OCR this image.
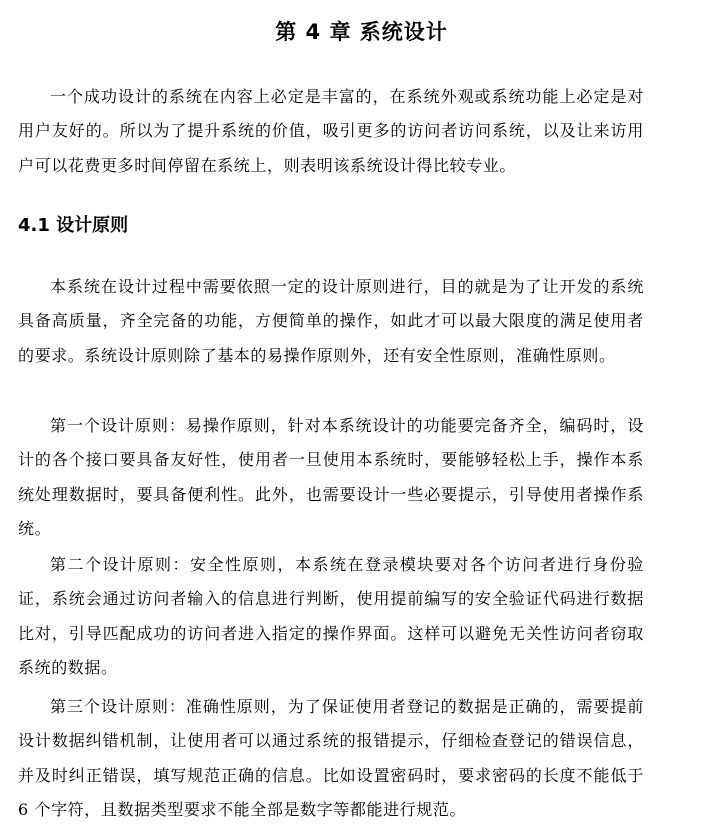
第 4 章 系统设计

一个成功设计的系统在内容上必定是丰富的，在系统外观或系统功能上必定是对用户友好的。所以为了提升系统的价值，吸引更多的访问者访问系统，以及让来访用户可以花费更多时间停留在系统上，则表明该系统设计得比较专业。

4.1 设计原则

本系统在设计过程中需要依照一定的设计原则进行，目的就是为了让开发的系统具备高质量，齐全完备的功能，方便简单的操作，如此才可以最大限度的满足使用者的要求。系统设计原则除了基本的易操作原则外，还有安全性原则，准确性原则。

第一个设计原则：易操作原则，针对本系统设计的功能要完备齐全，编码时，设计的各个接口要具备友好性，使用者一旦使用本系统时，要能够轻松上手，操作本系统处理数据时，要具备便利性。此外，也需要设计一些必要提示，引导使用者操作系统。

第二个设计原则：安全性原则，本系统在登录模块要对各个访问者进行身份验证，系统会通过访问者输入的信息进行判断，使用提前编写的安全验证代码进行数据比对，引导匹配成功的访问者进入指定的操作界面。这样可以避免无关性访问者窃取系统的数据。

第三个设计原则：准确性原则，为了保证使用者登记的数据是正确的，需要提前设计数据纠错机制，让使用者可以通过系统的报错提示，仔细检查登记的错误信息，并及时纠正错误，填写规范正确的信息。比如设置密码时，要求密码的长度不能低于 6 个字符，且数据类型要求不能全部是数字等都能进行规范。
